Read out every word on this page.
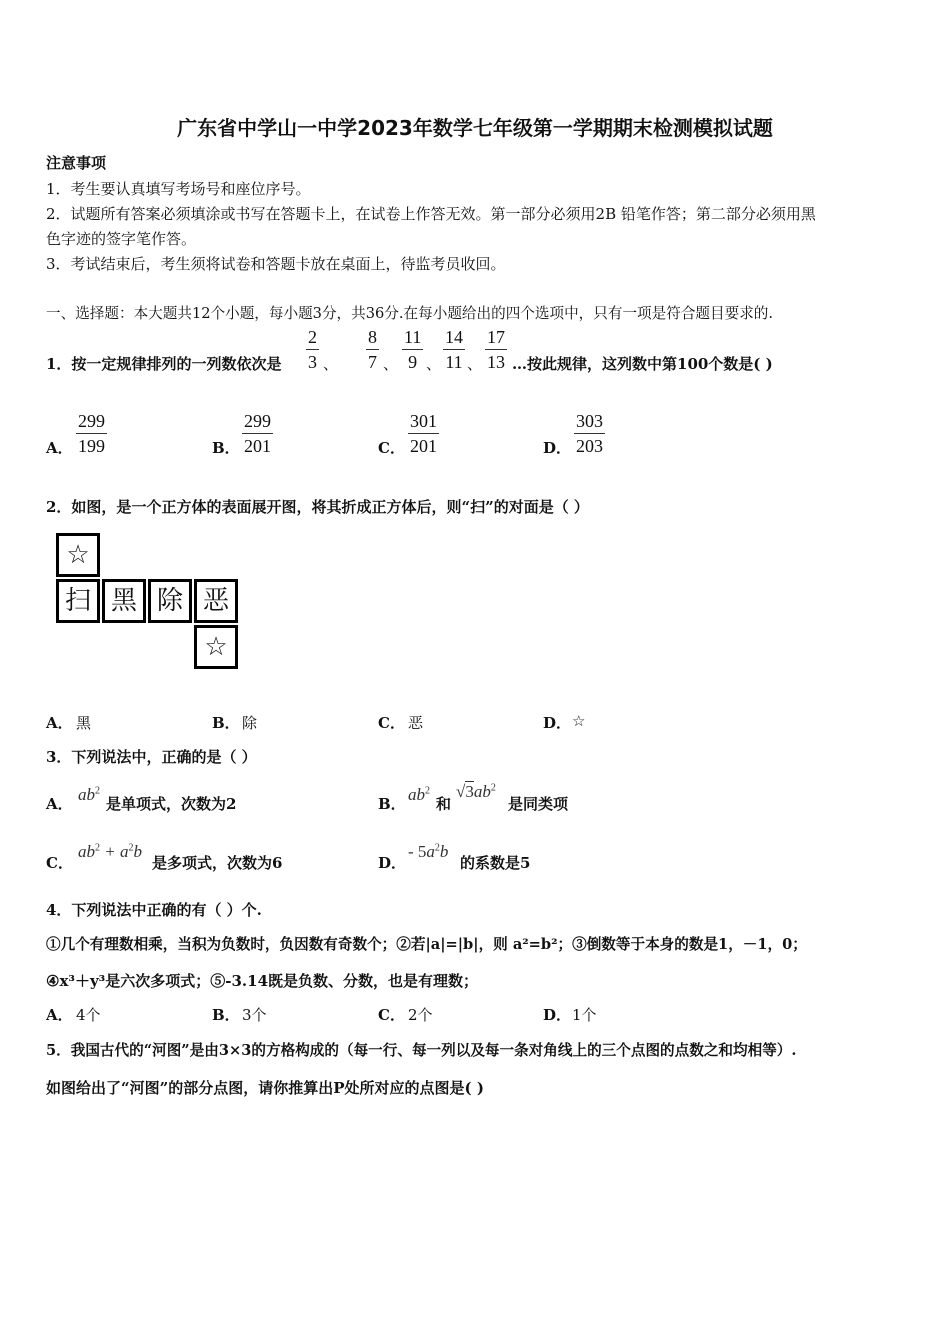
广东省中学山一中学2023年数学七年级第一学期期末检测模拟试题
注意事项
1．考生要认真填写考场号和座位序号。
2．试题所有答案必须填涂或书写在答题卡上，在试卷上作答无效。第一部分必须用2B 铅笔作答；第二部分必须用黑
色字迹的签字笔作答。
3．考试结束后，考生须将试卷和答题卡放在桌面上，待监考员收回。
一、选择题：本大题共12个小题，每小题3分，共36分.在每小题给出的四个选项中，只有一项是符合题目要求的.
1．按一定规律排列的一列数依次是 $\frac{2}{3}$ 、 $\frac{8}{7}$ 、 $\frac{11}{9}$ 、 $\frac{14}{11}$ 、 $\frac{17}{13}$ …按此规律，这列数中第100个数是( )
A． $\frac{299}{199}$	B． $\frac{299}{201}$	C． $\frac{301}{201}$	D． $\frac{303}{203}$
2．如图，是一个正方体的表面展开图，将其折成正方体后，则“扫”的对面是（ ）
☆
扫 黑 除 恶
☆
A． 黑	B． 除	C． 恶	D． ☆
3．下列说法中，正确的是（ ）
A． $ab^2$
是单项式，次数为2	B． $ab^2$
和
$√3ab^2$
是同类项
C．
$ab^2 + a^2b$
是多项式，次数为6	D．
- $5a^2b$
的系数是5
4．下列说法中正确的有（ ）个.
①几个有理数相乘，当积为负数时，负因数有奇数个；②若|a|=|b|，则 a²=b²；③倒数等于本身的数是1，－1，0；
④x³＋y³是六次多项式；⑤-3.14既是负数、分数，也是有理数；
A． 4个	B． 3个	C． 2个	D． 1个
5．我国古代的“河图”是由3×3的方格构成的（每一行、每一列以及每一条对角线上的三个点图的点数之和均相等）.
如图给出了“河图”的部分点图，请你推算出P处所对应的点图是( )
